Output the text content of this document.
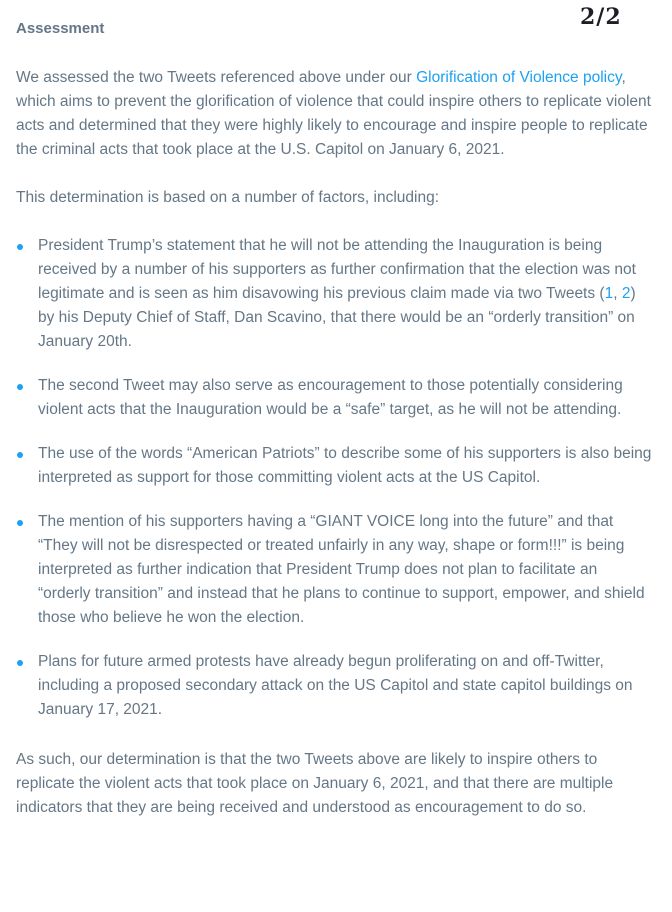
2/2
Assessment

We assessed the two Tweets referenced above under our Glorification of Violence policy, which aims to prevent the glorification of violence that could inspire others to replicate violent acts and determined that they were highly likely to encourage and inspire people to replicate the criminal acts that took place at the U.S. Capitol on January 6, 2021.

This determination is based on a number of factors, including:

President Trump’s statement that he will not be attending the Inauguration is being received by a number of his supporters as further confirmation that the election was not legitimate and is seen as him disavowing his previous claim made via two Tweets (1, 2) by his Deputy Chief of Staff, Dan Scavino, that there would be an “orderly transition” on January 20th.
The second Tweet may also serve as encouragement to those potentially considering violent acts that the Inauguration would be a “safe” target, as he will not be attending.
The use of the words “American Patriots” to describe some of his supporters is also being interpreted as support for those committing violent acts at the US Capitol.
The mention of his supporters having a “GIANT VOICE long into the future” and that “They will not be disrespected or treated unfairly in any way, shape or form!!!” is being interpreted as further indication that President Trump does not plan to facilitate an “orderly transition” and instead that he plans to continue to support, empower, and shield those who believe he won the election.
Plans for future armed protests have already begun proliferating on and off-Twitter, including a proposed secondary attack on the US Capitol and state capitol buildings on January 17, 2021.

As such, our determination is that the two Tweets above are likely to inspire others to replicate the violent acts that took place on January 6, 2021, and that there are multiple indicators that they are being received and understood as encouragement to do so.
